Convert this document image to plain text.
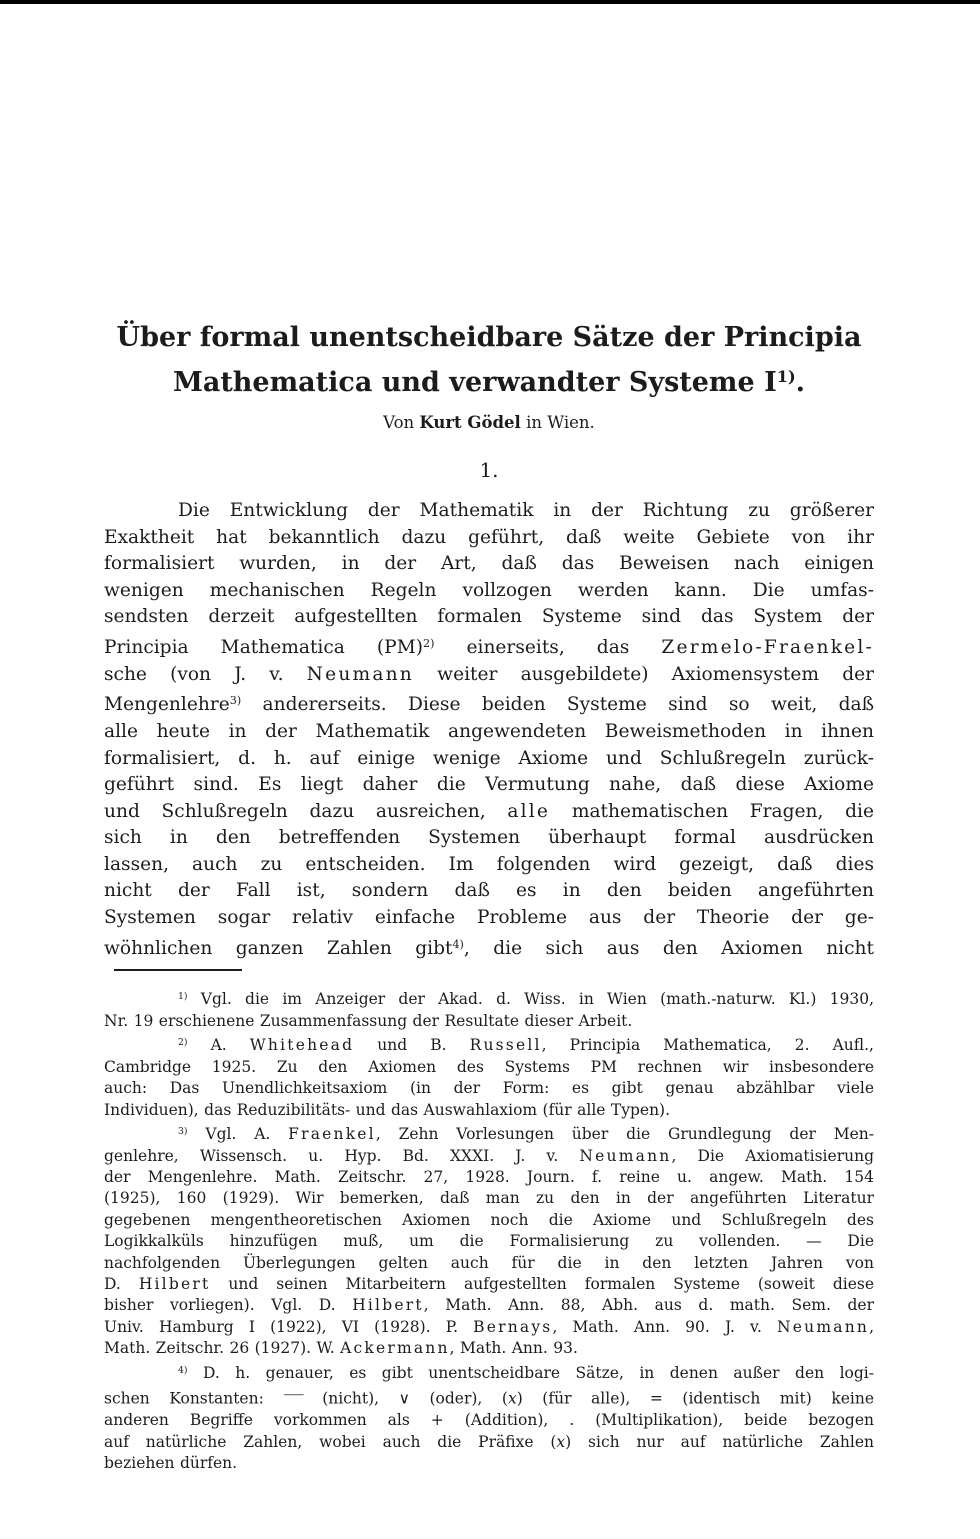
Über formal unentscheidbare Sätze der Principia
Mathematica und verwandter Systeme $I^{1)}$.
Von Kurt Gödel in Wien.
1.
Die Entwicklung der Mathematik in der Richtung zu größerer
Exaktheit hat bekanntlich dazu geführt, daß weite Gebiete von ihr
formalisiert wurden, in der Art, daß das Beweisen nach einigen
wenigen mechanischen Regeln vollzogen werden kann. Die umfas-
sendsten derzeit aufgestellten formalen Systeme sind das System der
Principia Mathematica (PM)$^{2)}$ einerseits, das Zermelo-Fraenkel-
sche (von J. v. Neumann weiter ausgebildete) Axiomensystem der
Mengenlehre$^{3)}$ andererseits. Diese beiden Systeme sind so weit, daß
alle heute in der Mathematik angewendeten Beweismethoden in ihnen
formalisiert, d. h. auf einige wenige Axiome und Schlußregeln zurück-
geführt sind. Es liegt daher die Vermutung nahe, daß diese Axiome
und Schlußregeln dazu ausreichen, alle mathematischen Fragen, die
sich in den betreffenden Systemen überhaupt formal ausdrücken
lassen, auch zu entscheiden. Im folgenden wird gezeigt, daß dies
nicht der Fall ist, sondern daß es in den beiden angeführten
Systemen sogar relativ einfache Probleme aus der Theorie der ge-
wöhnlichen ganzen Zahlen gibt$^{4)}$, die sich aus den Axiomen nicht
$^{1)}$ Vgl. die im Anzeiger der Akad. d. Wiss. in Wien (math.-naturw. Kl.) 1930,
Nr. 19 erschienene Zusammenfassung der Resultate dieser Arbeit.
$^{2)}$ A. Whitehead und B. Russell, Principia Mathematica, 2. Aufl.,
Cambridge 1925. Zu den Axiomen des Systems PM rechnen wir insbesondere
auch: Das Unendlichkeitsaxiom (in der Form: es gibt genau abzählbar viele
Individuen), das Reduzibilitäts- und das Auswahlaxiom (für alle Typen).
$^{3)}$ Vgl. A. Fraenkel, Zehn Vorlesungen über die Grundlegung der Men-
genlehre, Wissensch. u. Hyp. Bd. XXXI. J. v. Neumann, Die Axiomatisierung
der Mengenlehre. Math. Zeitschr. 27, 1928. Journ. f. reine u. angew. Math. 154
(1925), 160 (1929). Wir bemerken, daß man zu den in der angeführten Literatur
gegebenen mengentheoretischen Axiomen noch die Axiome und Schlußregeln des
Logikkalküls hinzufügen muß, um die Formalisierung zu vollenden. — Die
nachfolgenden Überlegungen gelten auch für die in den letzten Jahren von
D. Hilbert und seinen Mitarbeitern aufgestellten formalen Systeme (soweit diese
bisher vorliegen). Vgl. D. Hilbert, Math. Ann. 88, Abh. aus d. math. Sem. der
Univ. Hamburg I (1922), VI (1928). P. Bernays, Math. Ann. 90. J. v. Neumann,
Math. Zeitschr. 26 (1927). W. Ackermann, Math. Ann. 93.
$^{4)}$ D. h. genauer, es gibt unentscheidbare Sätze, in denen außer den logi-
schen Konstanten: —— (nicht), ∨ (oder), (x) (für alle), = (identisch mit) keine
anderen Begriffe vorkommen als + (Addition), . (Multiplikation), beide bezogen
auf natürliche Zahlen, wobei auch die Präfixe (x) sich nur auf natürliche Zahlen
beziehen dürfen.
